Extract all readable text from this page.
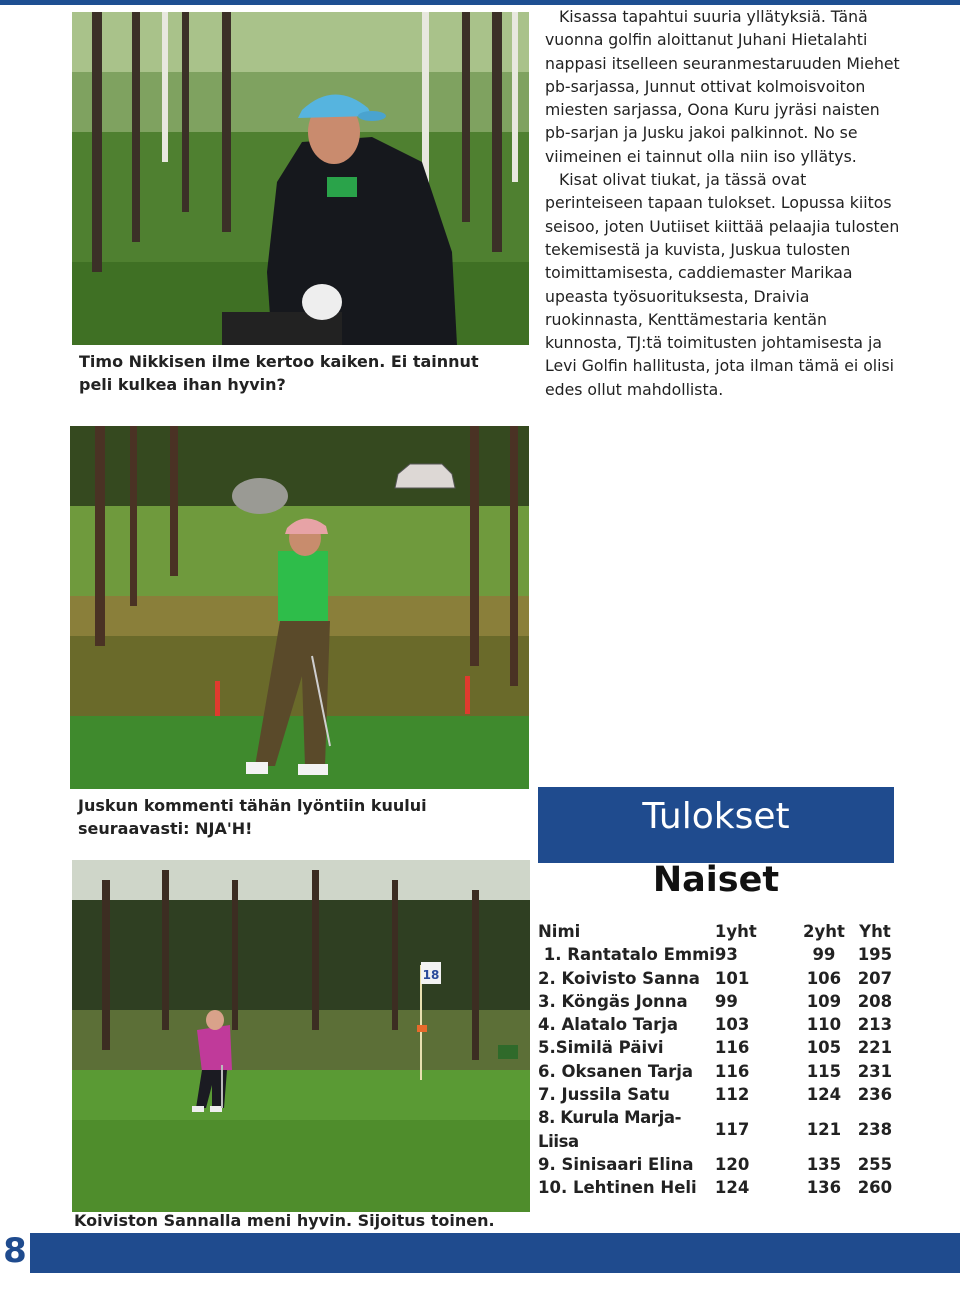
Timo Nikkisen ilme kertoo kaiken. Ei tainnut peli kulkea ihan hyvin?

Kisassa tapahtui suuria yllätyksiä. Tänä vuonna golfin aloittanut Juhani Hietalahti nappasi itselleen seuranmestaruuden Miehet pb-sarjassa, Junnut ottivat kolmoisvoiton miesten sarjassa, Oona Kuru jyräsi naisten pb-sarjan ja Jusku jakoi palkinnot. No se viimeinen ei tainnut olla niin iso yllätys.

Kisat olivat tiukat, ja tässä ovat perinteiseen tapaan tulokset. Lopussa kiitos seisoo, joten Uutiiset kiittää pelaajia tulosten tekemisestä ja kuvista, Juskua tulosten toimittamisesta, caddiemaster Marikaa upeasta työsuorituksesta, Draivia ruokinnasta, Kenttämestaria kentän kunnosta, TJ:tä toimitusten johtamisesta ja Levi Golfin hallitusta, jota ilman tämä ei olisi edes ollut mahdollista.

Juskun kommenti tähän lyöntiin kuului seuraavasti: NJA'H!	Tulokset
Naiset
Nimi	1yht	2yht	Yht
1. Rantatalo Emmi	93	99	195
2. Koivisto Sanna	101	106	207
3. Köngäs Jonna	99	109	208
4. Alatalo Tarja	103	110	213
5.Similä Päivi	116	105	221
6. Oksanen Tarja	116	115	231
7. Jussila Satu	112	124	236
8. Kurula Marja-Liisa	117	121	238
9. Sinisaari Elina	120	135	255
10. Lehtinen Heli	124	136	260
18
Koiviston Sannalla meni hyvin. Sijoitus toinen.
8
